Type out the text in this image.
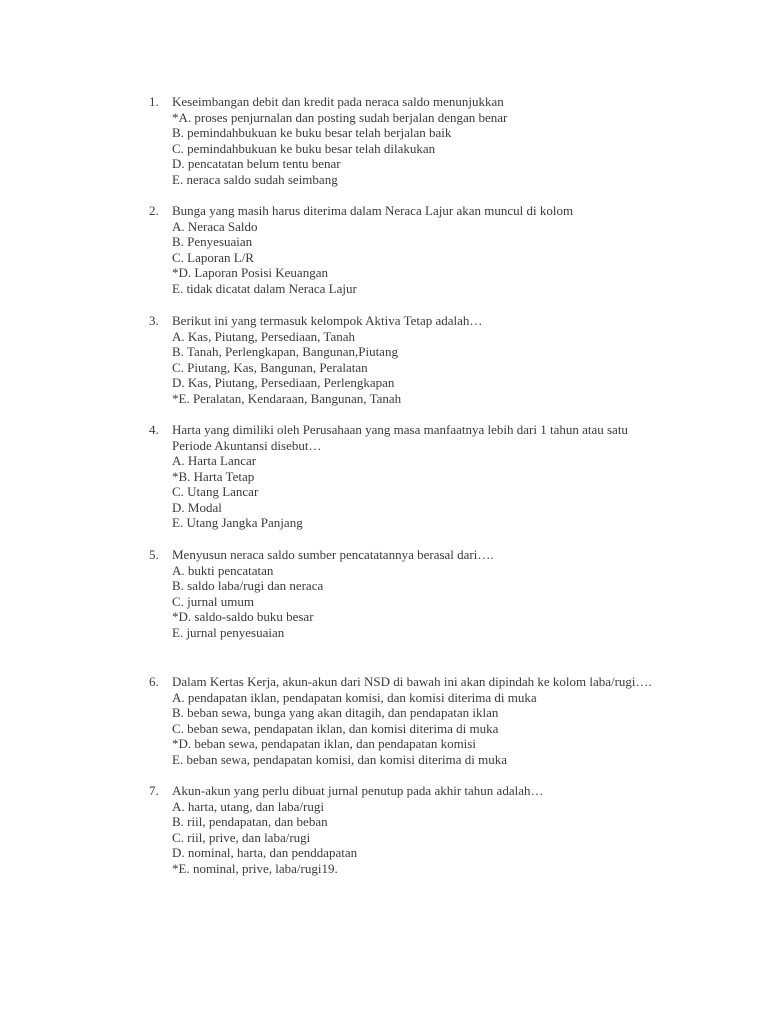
1. Keseimbangan debit dan kredit pada neraca saldo menunjukkan
*A. proses penjurnalan dan posting sudah berjalan dengan benar
B. pemindahbukuan ke buku besar telah berjalan baik
C. pemindahbukuan ke buku besar telah dilakukan
D. pencatatan belum tentu benar
E. neraca saldo sudah seimbang
2. Bunga yang masih harus diterima dalam Neraca Lajur akan muncul di kolom
A. Neraca Saldo
B. Penyesuaian
C. Laporan L/R
*D. Laporan Posisi Keuangan
E. tidak dicatat dalam Neraca Lajur
3. Berikut ini yang termasuk kelompok Aktiva Tetap adalah…
A. Kas, Piutang, Persediaan, Tanah
B. Tanah, Perlengkapan, Bangunan,Piutang
C. Piutang, Kas, Bangunan, Peralatan
D. Kas, Piutang, Persediaan, Perlengkapan
*E. Peralatan, Kendaraan, Bangunan, Tanah
4. Harta yang dimiliki oleh Perusahaan yang masa manfaatnya lebih dari 1 tahun atau satu
Periode Akuntansi disebut…
A. Harta Lancar
*B. Harta Tetap
C. Utang Lancar
D. Modal
E. Utang Jangka Panjang
5. Menyusun neraca saldo sumber pencatatannya berasal dari….
A. bukti pencatatan
B. saldo laba/rugi dan neraca
C. jurnal umum
*D. saldo-saldo buku besar
E. jurnal penyesuaian
6. Dalam Kertas Kerja, akun-akun dari NSD di bawah ini akan dipindah ke kolom laba/rugi….
A. pendapatan iklan, pendapatan komisi, dan komisi diterima di muka
B. beban sewa, bunga yang akan ditagih, dan pendapatan iklan
C. beban sewa, pendapatan iklan, dan komisi diterima di muka
*D. beban sewa, pendapatan iklan, dan pendapatan komisi
E. beban sewa, pendapatan komisi, dan komisi diterima di muka
7. Akun-akun yang perlu dibuat jurnal penutup pada akhir tahun adalah…
A. harta, utang, dan laba/rugi
B. riil, pendapatan, dan beban
C. riil, prive, dan laba/rugi
D. nominal, harta, dan penddapatan
*E. nominal, prive, laba/rugi19.
